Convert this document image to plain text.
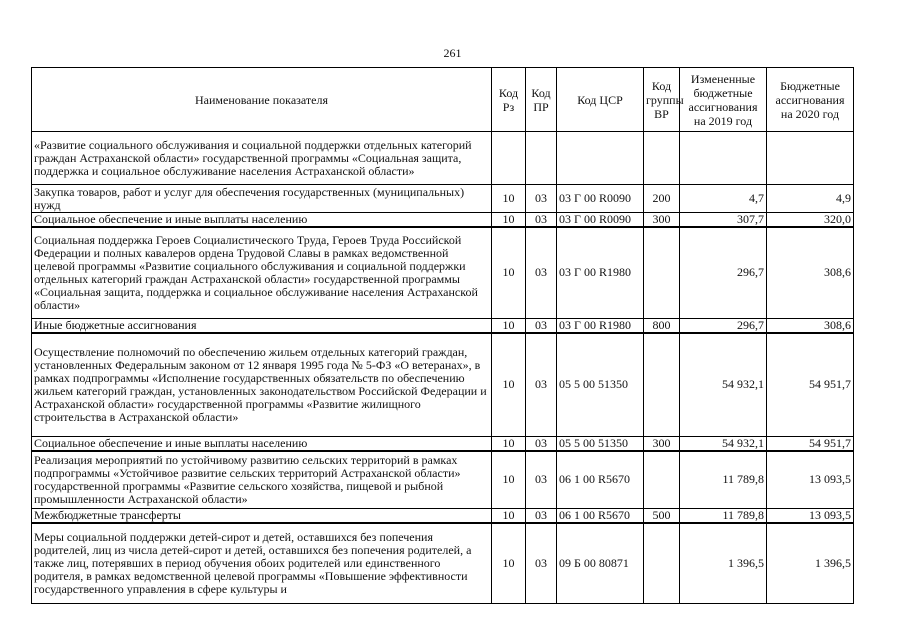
261
Наименование показателя	Код Рз	Код ПР	Код ЦСР	Код группы ВР	Измененные бюджетные ассигнования на 2019 год	Бюджетные ассигнования на 2020 год
«Развитие социального обслуживания и социальной поддержки отдельных категорий граждан Астраханской области» государственной программы «Социальная защита, поддержка и социальное обслуживание населения Астраханской области»						
Закупка товаров, работ и услуг для обеспечения государственных (муниципальных) нужд	10	03	03 Г 00 R0090	200	4,7	4,9
Социальное обеспечение и иные выплаты населению	10	03	03 Г 00 R0090	300	307,7	320,0
Социальная поддержка Героев Социалистического Труда, Героев Труда Российской Федерации и полных кавалеров ордена Трудовой Славы в рамках ведомственной целевой программы «Развитие социального обслуживания и социальной поддержки отдельных категорий граждан Астраханской области» государственной программы «Социальная защита, поддержка и социальное обслуживание населения Астраханской области»	10	03	03 Г 00 R1980		296,7	308,6
Иные бюджетные ассигнования	10	03	03 Г 00 R1980	800	296,7	308,6
Осуществление полномочий по обеспечению жильем отдельных категорий граждан, установленных Федеральным законом от 12 января 1995 года № 5-ФЗ «О ветеранах», в рамках подпрограммы «Исполнение государственных обязательств по обеспечению жильем категорий граждан, установленных законодательством Российской Федерации и Астраханской области» государственной программы «Развитие жилищного строительства в Астраханской области»	10	03	05 5 00 51350		54 932,1	54 951,7
Социальное обеспечение и иные выплаты населению	10	03	05 5 00 51350	300	54 932,1	54 951,7
Реализация мероприятий по устойчивому развитию сельских территорий в рамках подпрограммы «Устойчивое развитие сельских территорий Астраханской области» государственной программы «Развитие сельского хозяйства, пищевой и рыбной промышленности Астраханской области»	10	03	06 1 00 R5670		11 789,8	13 093,5
Межбюджетные трансферты	10	03	06 1 00 R5670	500	11 789,8	13 093,5
Меры социальной поддержки детей-сирот и детей, оставшихся без попечения родителей, лиц из числа детей-сирот и детей, оставшихся без попечения родителей, а также лиц, потерявших в период обучения обоих родителей или единственного родителя, в рамках ведомственной целевой программы «Повышение эффективности государственного управления в сфере культуры и	10	03	09 Б 00 80871		1 396,5	1 396,5
